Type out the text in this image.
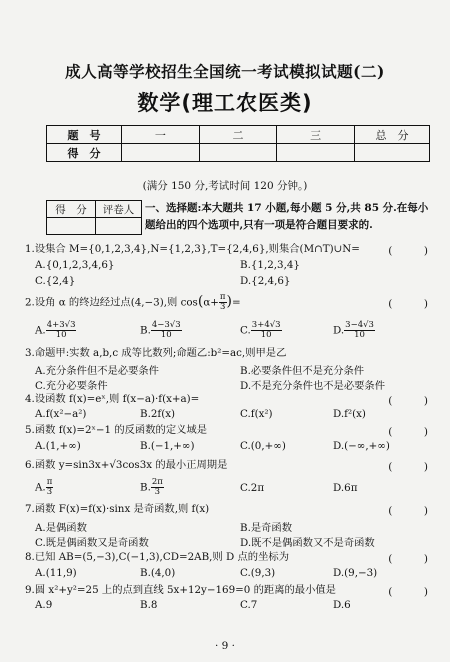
成人高等学校招生全国统一考试模拟试题(二)
数学(理工农医类)
题　号	一	二	三	总　分
得　分				
(满分 150 分,考试时间 120 分钟。)
得　分	评卷人
	一、选择题:本大题共 17 小题,每小题 5 分,共 85 分.在每小题给出的四个选项中,只有一项是符合题目要求的.
1.设集合 M={0,1,2,3,4},N={1,2,3},T={2,4,6},则集合(M∩T)∪N=	(　　　)
A.{0,1,2,3,4,6}	B.{1,2,3,4}
C.{2,4}	D.{2,4,6}
2.设角 α 的终边经过点(4,−3),则 $\cos(\alpha+ \frac{\pi}{3}$ )=	(　　　)
A. $\frac{4+3√3}{10}$	B. $\frac{4-3√3}{10}$	C. $\frac{3+4√3}{10}$	D. $\frac{3-4√3}{10}$
3.命题甲:实数 a,b,c 成等比数列;命题乙:b²=ac,则甲是乙
A.充分条件但不是必要条件	B.必要条件但不是充分条件
C.充分必要条件	D.不是充分条件也不是必要条件
4.设函数 f(x)=eˣ,则 f(x−a)·f(x+a)=	(　　　)
A.f(x²−a²)	B.2f(x)	C.f(x²)	D.f²(x)
5.函数 f(x)=2ˣ−1 的反函数的定义域是	(　　　)
A.(1,+∞)	B.(−1,+∞)	C.(0,+∞)	D.(−∞,+∞)
6.函数 y=sin3x+√3cos3x 的最小正周期是	(　　　)
A. $\frac{\pi}{3}$	B. $\frac{2\pi}{3}$	C.2π	D.6π
7.函数 F(x)=f(x)·sinx 是奇函数,则 f(x)	(　　　)
A.是偶函数	B.是奇函数
C.既是偶函数又是奇函数	D.既不是偶函数又不是奇函数
8.已知 AB=(5,−3),C(−1,3),CD=2AB,则 D 点的坐标为	(　　　)
A.(11,9)	B.(4,0)	C.(9,3)	D.(9,−3)
9.圆 x²+y²=25 上的点到直线 5x+12y−169=0 的距离的最小值是	(　　　)
A.9	B.8	C.7	D.6
· 9 ·
